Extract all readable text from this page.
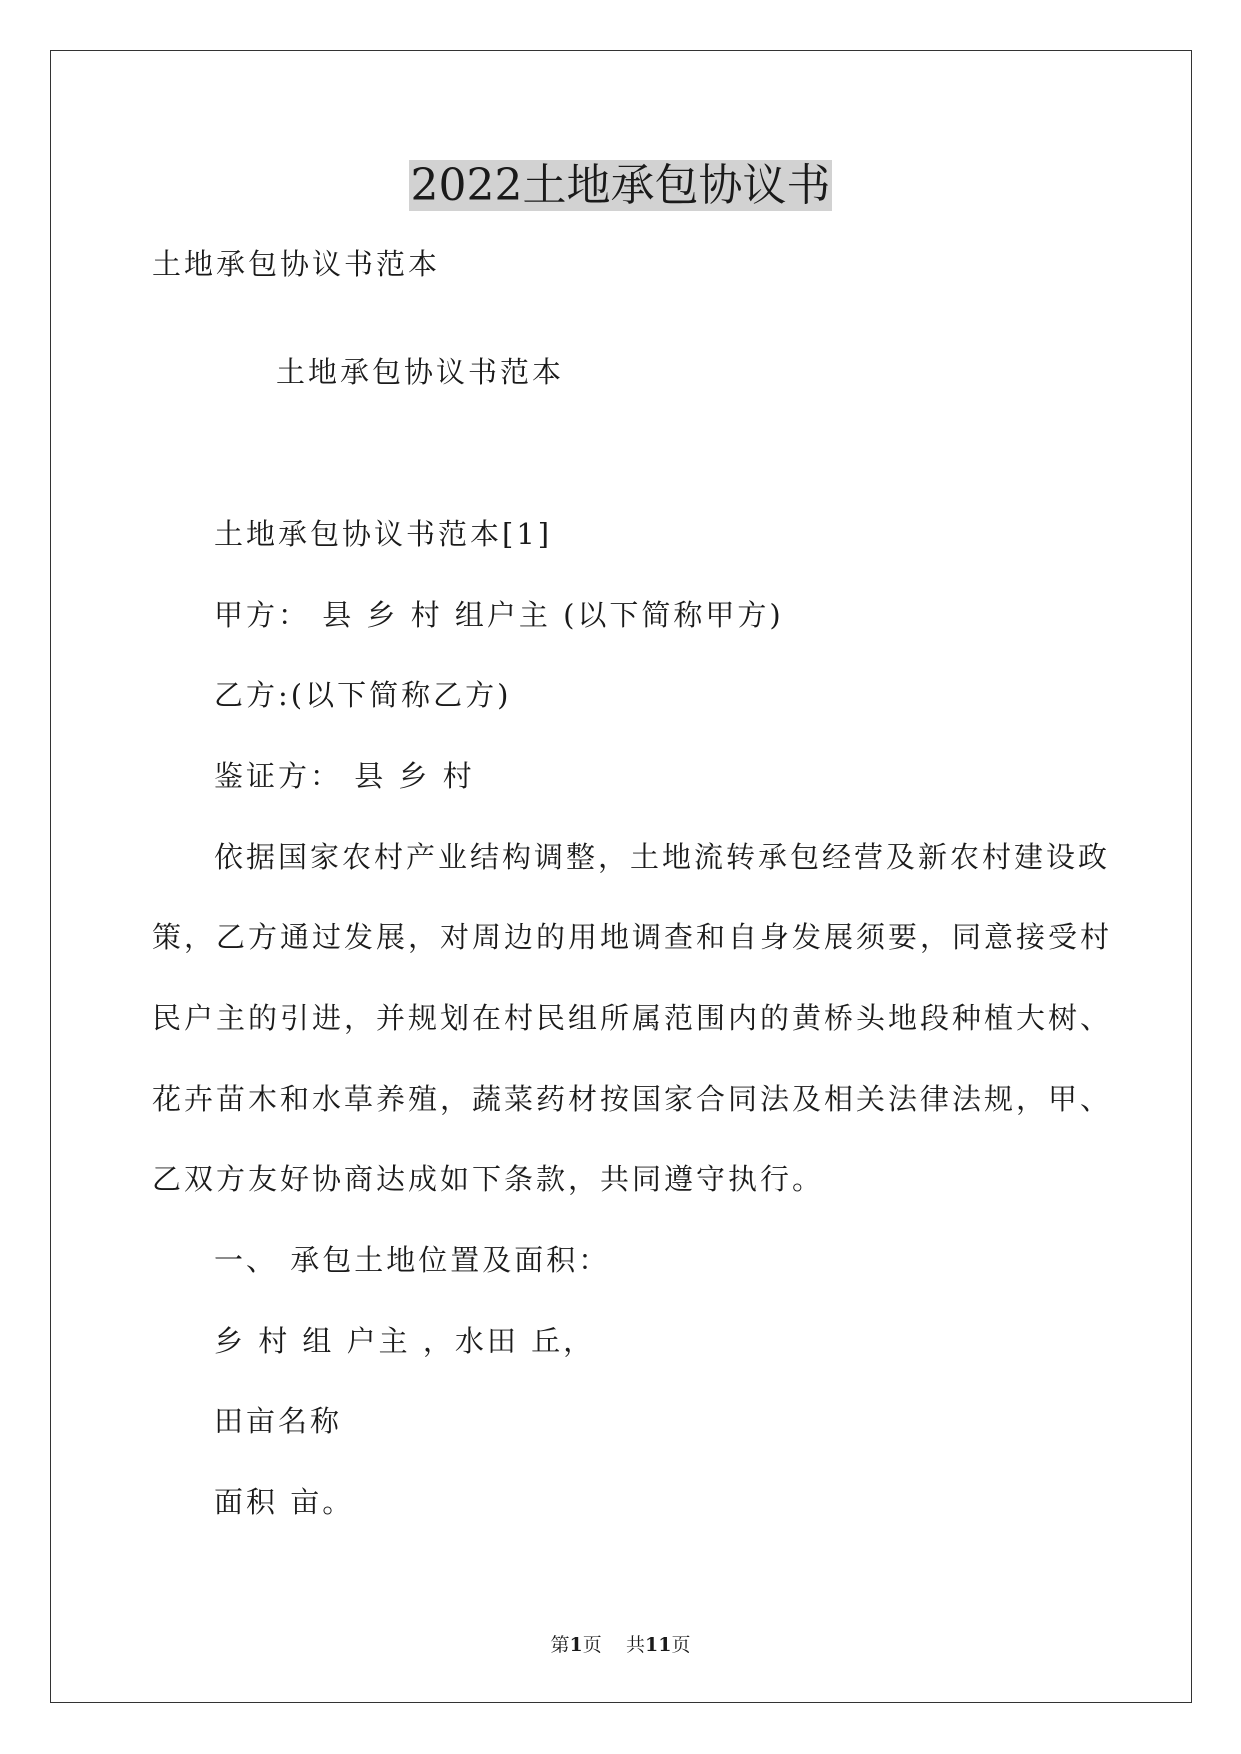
2022土地承包协议书
土地承包协议书范本
土地承包协议书范本
土地承包协议书范本[1]
甲方： 县 乡 村 组户主 (以下简称甲方)
乙方:(以下简称乙方)
鉴证方： 县 乡 村
依据国家农村产业结构调整，土地流转承包经营及新农村建设政
策，乙方通过发展，对周边的用地调查和自身发展须要，同意接受村
民户主的引进，并规划在村民组所属范围内的黄桥头地段种植大树、
花卉苗木和水草养殖，蔬菜药材按国家合同法及相关法律法规，甲、
乙双方友好协商达成如下条款，共同遵守执行。
一、 承包土地位置及面积：
乡 村 组 户主 ，水田 丘，
田亩名称
面积 亩。
第1页 共11页
